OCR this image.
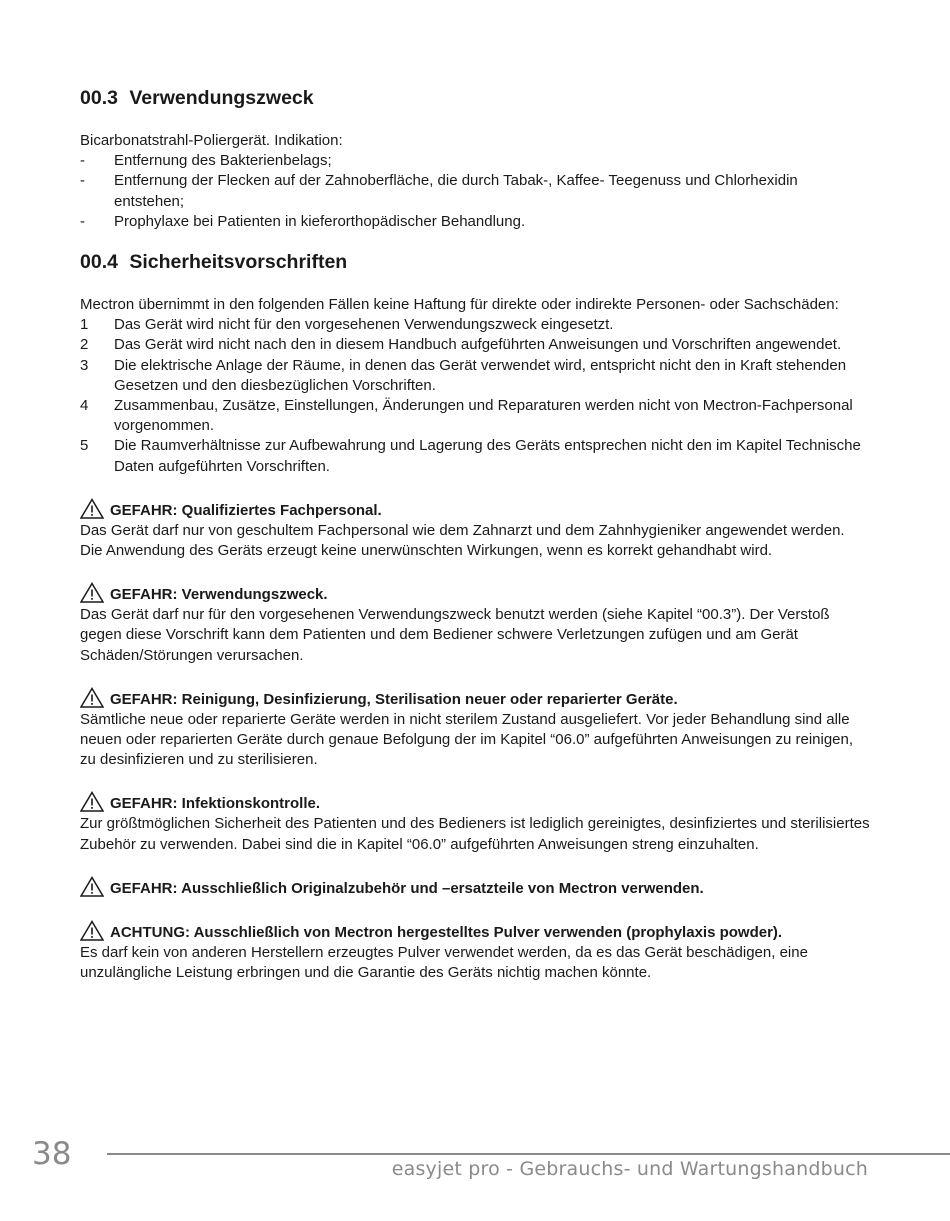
00.3 Verwendungszweck

Bicarbonatstrahl-Poliergerät. Indikation:

-	Entfernung des Bakterienbelags;
-	Entfernung der Flecken auf der Zahnoberfläche, die durch Tabak-, Kaffee- Teegenuss und Chlorhexidin entstehen;
-	Prophylaxe bei Patienten in kieferorthopädischer Behandlung.
00.4 Sicherheitsvorschriften

Mectron übernimmt in den folgenden Fällen keine Haftung für direkte oder indirekte Personen- oder Sachschäden:

1	Das Gerät wird nicht für den vorgesehenen Verwendungszweck eingesetzt.
2	Das Gerät wird nicht nach den in diesem Handbuch aufgeführten Anweisungen und Vorschriften angewendet.
3	Die elektrische Anlage der Räume, in denen das Gerät verwendet wird, entspricht nicht den in Kraft stehenden Gesetzen und den diesbezüglichen Vorschriften.
4	Zusammenbau, Zusätze, Einstellungen, Änderungen und Reparaturen werden nicht von Mectron-Fachpersonal vorgenommen.
5	Die Raumverhältnisse zur Aufbewahrung und Lagerung des Geräts entsprechen nicht den im Kapitel Technische Daten aufgeführten Vorschriften.
GEFAHR: Qualifiziertes Fachpersonal.

Das Gerät darf nur von geschultem Fachpersonal wie dem Zahnarzt und dem Zahnhygieniker angewendet werden. Die Anwendung des Geräts erzeugt keine unerwünschten Wirkungen, wenn es korrekt gehandhabt wird.

GEFAHR: Verwendungszweck.

Das Gerät darf nur für den vorgesehenen Verwendungszweck benutzt werden (siehe Kapitel “00.3”). Der Verstoß gegen diese Vorschrift kann dem Patienten und dem Bediener schwere Verletzungen zufügen und am Gerät Schäden/Störungen verursachen.

GEFAHR: Reinigung, Desinfizierung, Sterilisation neuer oder reparierter Geräte.

Sämtliche neue oder reparierte Geräte werden in nicht sterilem Zustand ausgeliefert. Vor jeder Behandlung sind alle neuen oder reparierten Geräte durch genaue Befolgung der im Kapitel “06.0” aufgeführten Anweisungen zu reinigen, zu desinfizieren und zu sterilisieren.

GEFAHR: Infektionskontrolle.

Zur größtmöglichen Sicherheit des Patienten und des Bedieners ist lediglich gereinigtes, desinfiziertes und sterilisiertes Zubehör zu verwenden. Dabei sind die in Kapitel “06.0” aufgeführten Anweisungen streng einzuhalten.

GEFAHR: Ausschließlich Originalzubehör und –ersatzteile von Mectron verwenden.
ACHTUNG: Ausschließlich von Mectron hergestelltes Pulver verwenden (prophylaxis powder).

Es darf kein von anderen Herstellern erzeugtes Pulver verwendet werden, da es das Gerät beschädigen, eine unzulängliche Leistung erbringen und die Garantie des Geräts nichtig machen könnte.

38	easyjet pro - Gebrauchs- und Wartungshandbuch
